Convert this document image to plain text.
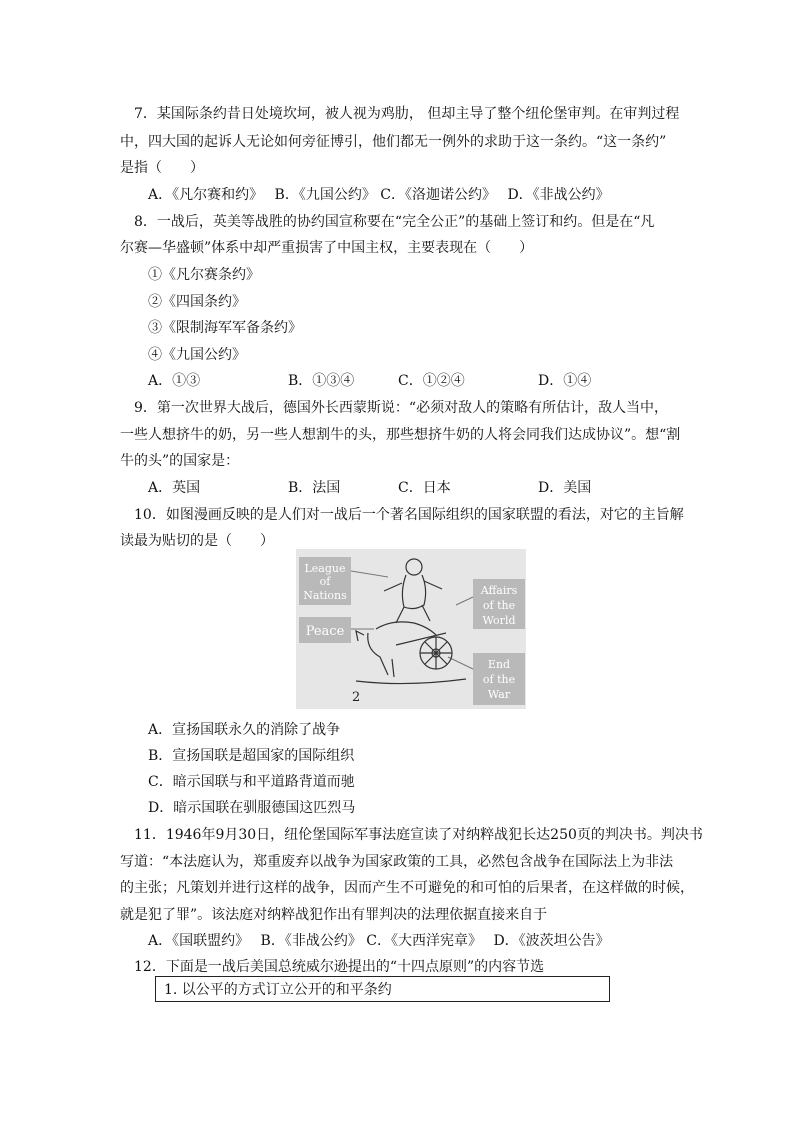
7．某国际条约昔日处境坎坷，被人视为鸡肋， 但却主导了整个纽伦堡审判。在审判过程
中，四大国的起诉人无论如何旁征博引，他们都无一例外的求助于这一条约。“这一条约”
是指（　　）
A．《凡尔赛和约》　 B．《九国公约》 C．《洛迦诺公约》　 D．《非战公约》
8．一战后，英美等战胜的协约国宣称要在“完全公正”的基础上签订和约。但是在“凡
尔赛—华盛顿”体系中却严重损害了中国主权，主要表现在（　　）
①《凡尔赛条约》
②《四国条约》
③《限制海军军备条约》
④《九国公约》
A．①③	B．①③④	C．①②④	D．①④
9．第一次世界大战后，德国外长西蒙斯说：“必须对敌人的策略有所估计，敌人当中，
一些人想挤牛的奶，另一些人想割牛的头，那些想挤牛奶的人将会同我们达成协议”。想“割
牛的头”的国家是：
A．英国	B．法国	C．日本	D．美国
10．如图漫画反映的是人们对一战后一个著名国际组织的国家联盟的看法，对它的主旨解
读最为贴切的是（　　）
League
of
Nations
Peace
Affairs
of the
World
End
of the
War
2
A．宣扬国联永久的消除了战争
B．宣扬国联是超国家的国际组织
C．暗示国联与和平道路背道而驰
D．暗示国联在驯服德国这匹烈马
11．1946年9月30日，纽伦堡国际军事法庭宣读了对纳粹战犯长达250页的判决书。判决书
写道：“本法庭认为，郑重废弃以战争为国家政策的工具，必然包含战争在国际法上为非法
的主张；凡策划并进行这样的战争，因而产生不可避免的和可怕的后果者，在这样做的时候，
就是犯了罪”。该法庭对纳粹战犯作出有罪判决的法理依据直接来自于
A．《国联盟约》　 B．《非战公约》 C．《大西洋宪章》　 D．《波茨坦公告》
12．下面是一战后美国总统威尔逊提出的“十四点原则”的内容节选
1. 以公平的方式订立公开的和平条约
